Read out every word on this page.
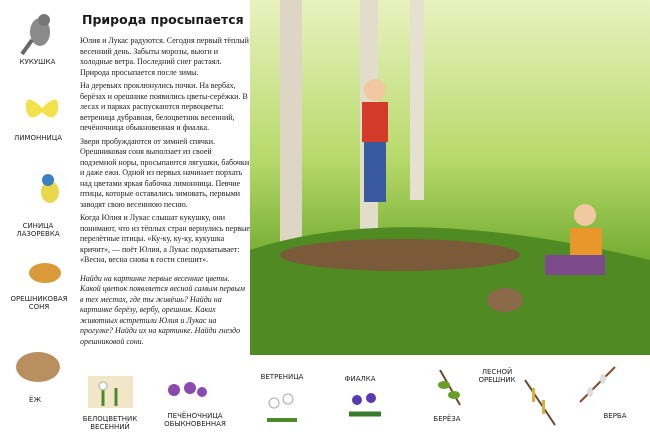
Природа просыпается

Юлия и Лукас радуются. Сегодня первый тёплый весенний день. Забыты морозы, вьюги и холодные ветра. Последний снег растаял. Природа просыпается после зимы.

На деревьях проклюнулись почки. На вербах, берёзах и орешнике появились цветы-серёжки. В лесах и парках распускаются первоцветы: ветреница дубравная, белоцветник весенний, печёночница обыкновенная и фиалка.

Звери пробуждаются от зимней спячки. Орешниковая соня выползает из своей подземной норы, просыпаются лягушки, бабочки и даже ежи. Одной из первых начинает порхать над цветами яркая бабочка лимонница. Певчие птицы, которые оставались зимовать, первыми заводят свою весеннюю песню.

Когда Юлия и Лукас слышат кукушку, они понимают, что из тёплых стран вернулись первые перелётные птицы. «Ку-ку, ку-ку, кукушка кричит», — поёт Юлия, а Лукас подхватывает: «Весна, весна снова в гости спешит».

Найди на картинке первые весенние цветы. Какой цветок появляется весной самым первым в тех местах, где ты живёшь? Найди на картинке берёзу, вербу, орешник. Каких животных встретили Юлия и Лукас на прогулке? Найди их на картинке. Найди гнездо орешниковой сони.
КУКУШКА
ЛИМОННИЦА
СИНИЦА ЛАЗОРЕВКА
ОРЕШНИКОВАЯ СОНЯ
ЁЖ
БЕЛОЦВЕТНИК ВЕСЕННИЙ
ПЕЧЁНОЧНИЦА ОБЫКНОВЕННАЯ
ВЕТРЕНИЦА	ФИАЛКА
БЕРЁЗА
ЛЕСНОЙ ОРЕШНИК
ВЕРБА
